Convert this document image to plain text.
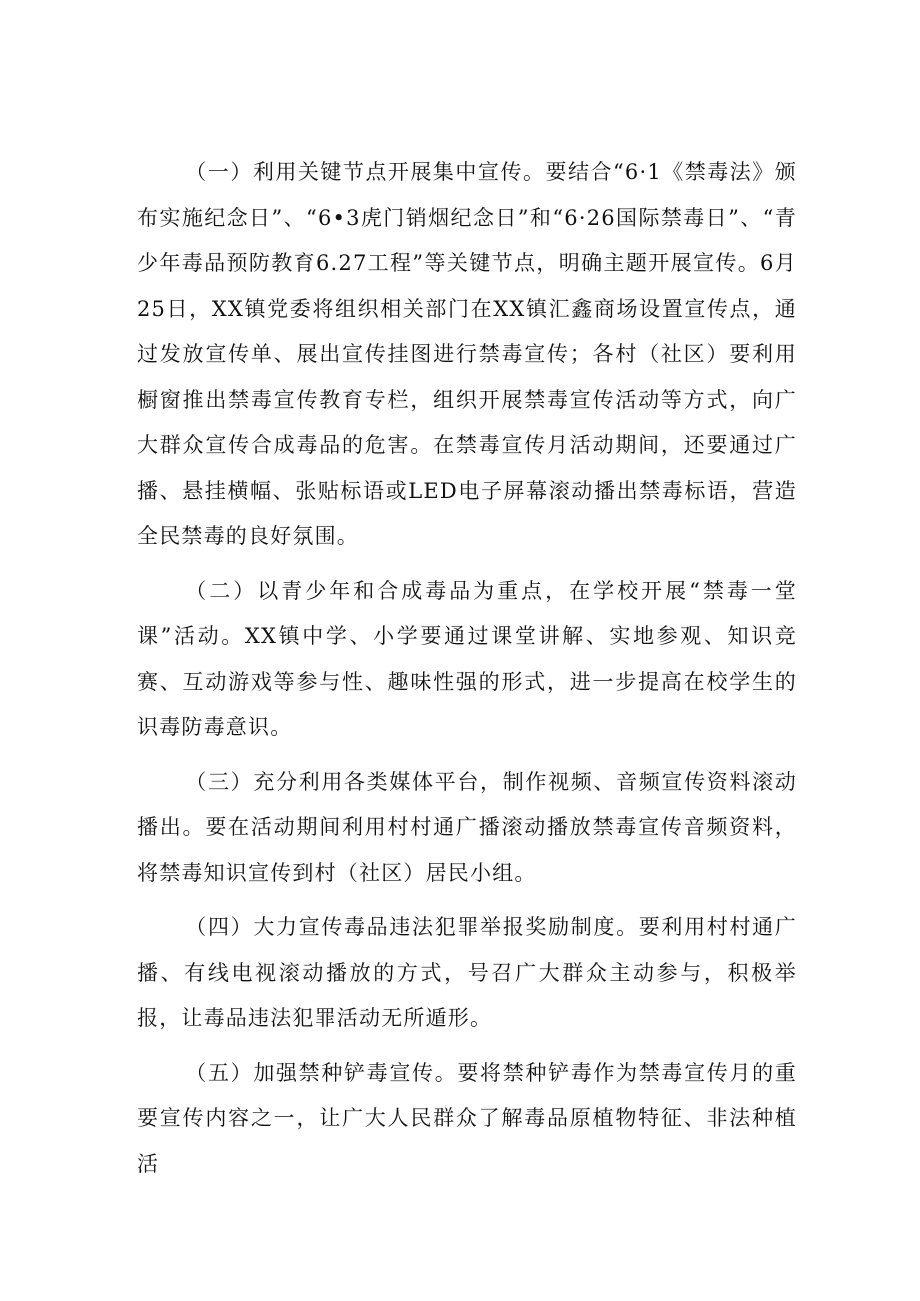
（一）利用关键节点开展集中宣传。要结合“6·1《禁毒法》颁布实施纪念日”、“6•3虎门销烟纪念日”和“6·26国际禁毒日”、“青少年毒品预防教育6.27工程”等关键节点，明确主题开展宣传。6月25日，XX镇党委将组织相关部门在XX镇汇鑫商场设置宣传点，通过发放宣传单、展出宣传挂图进行禁毒宣传；各村（社区）要利用橱窗推出禁毒宣传教育专栏，组织开展禁毒宣传活动等方式，向广大群众宣传合成毒品的危害。在禁毒宣传月活动期间，还要通过广播、悬挂横幅、张贴标语或LED电子屏幕滚动播出禁毒标语，营造全民禁毒的良好氛围。

（二）以青少年和合成毒品为重点，在学校开展“禁毒一堂课”活动。XX镇中学、小学要通过课堂讲解、实地参观、知识竞赛、互动游戏等参与性、趣味性强的形式，进一步提高在校学生的识毒防毒意识。

（三）充分利用各类媒体平台，制作视频、音频宣传资料滚动播出。要在活动期间利用村村通广播滚动播放禁毒宣传音频资料，将禁毒知识宣传到村（社区）居民小组。

（四）大力宣传毒品违法犯罪举报奖励制度。要利用村村通广播、有线电视滚动播放的方式，号召广大群众主动参与，积极举报，让毒品违法犯罪活动无所遁形。

（五）加强禁种铲毒宣传。要将禁种铲毒作为禁毒宣传月的重要宣传内容之一，让广大人民群众了解毒品原植物特征、非法种植活
